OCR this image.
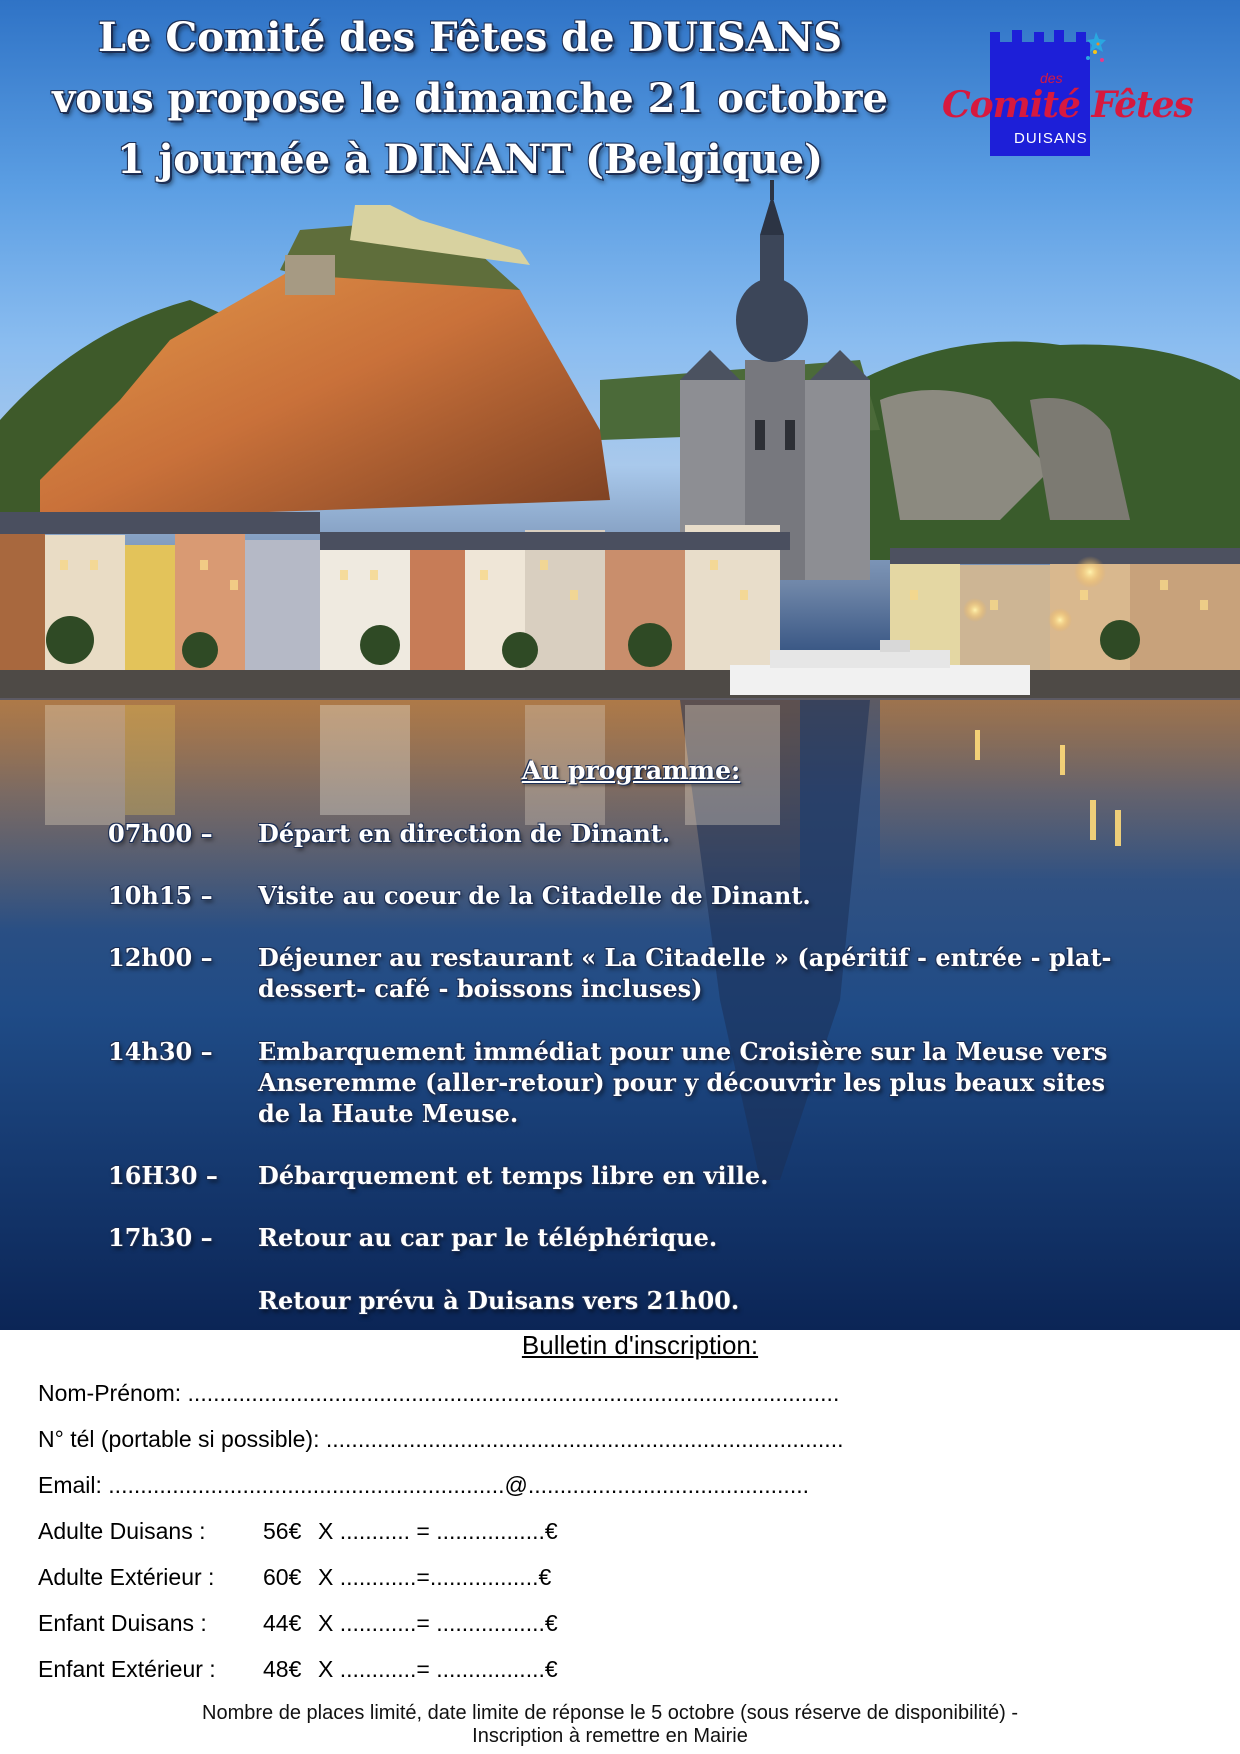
Le Comité des Fêtes de DUISANS
vous propose le dimanche 21 octobre
1 journée à DINANT (Belgique)
des
Comité Fêtes
DUISANS
Au programme:
07h00 –	Départ en direction de Dinant.
10h15 –	Visite au coeur de la Citadelle de Dinant.
12h00 –	Déjeuner au restaurant « La Citadelle » (apéritif - entrée - plat- dessert- café - boissons incluses)
14h30 –	Embarquement immédiat pour une Croisière sur la Meuse vers Anseremme (aller-retour) pour y découvrir les plus beaux sites de la Haute Meuse.
16H30 –	Débarquement et temps libre en ville.
17h30 –	Retour au car par le téléphérique.
Retour prévu à Duisans vers 21h00.
Bulletin d'inscription:
Nom-Prénom: ......................................................................................................
N° tél (portable si possible): .................................................................................
Email: ..............................................................@............................................
Adulte Duisans :	56€ X ........... = .................€
Adulte Extérieur : 60€ X ............=.................€
Enfant Duisans : 44€ X ............= .................€
Enfant Extérieur : 48€ X ............= .................€
Nombre de places limité, date limite de réponse le 5 octobre (sous réserve de disponibilité) -
Inscription à remettre en Mairie
